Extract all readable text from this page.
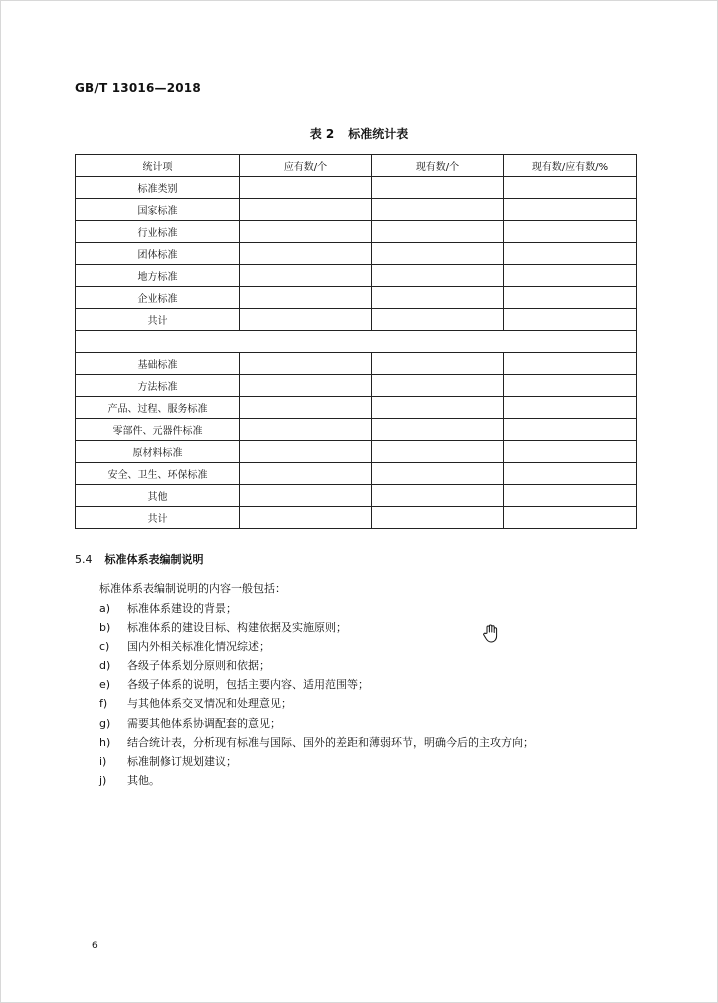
GB/T 13016—2018
表 2 标准统计表
统计项	应有数/个	现有数/个	现有数/应有数/%
标准类别			
国家标准			
行业标准			
团体标准			
地方标准			
企业标准			
共计			

基础标准			
方法标准			
产品、过程、服务标准			
零部件、元器件标准			
原材料标准			
安全、卫生、环保标准			
其他			
共计			
5.4 标准体系表编制说明
标准体系表编制说明的内容一般包括：
a) 标准体系建设的背景；
b) 标准体系的建设目标、构建依据及实施原则；
c) 国内外相关标准化情况综述；
d) 各级子体系划分原则和依据；
e) 各级子体系的说明，包括主要内容、适用范围等；
f) 与其他体系交叉情况和处理意见；
g) 需要其他体系协调配套的意见；
h) 结合统计表，分析现有标准与国际、国外的差距和薄弱环节，明确今后的主攻方向；
i) 标准制修订规划建议；
j) 其他。
6
